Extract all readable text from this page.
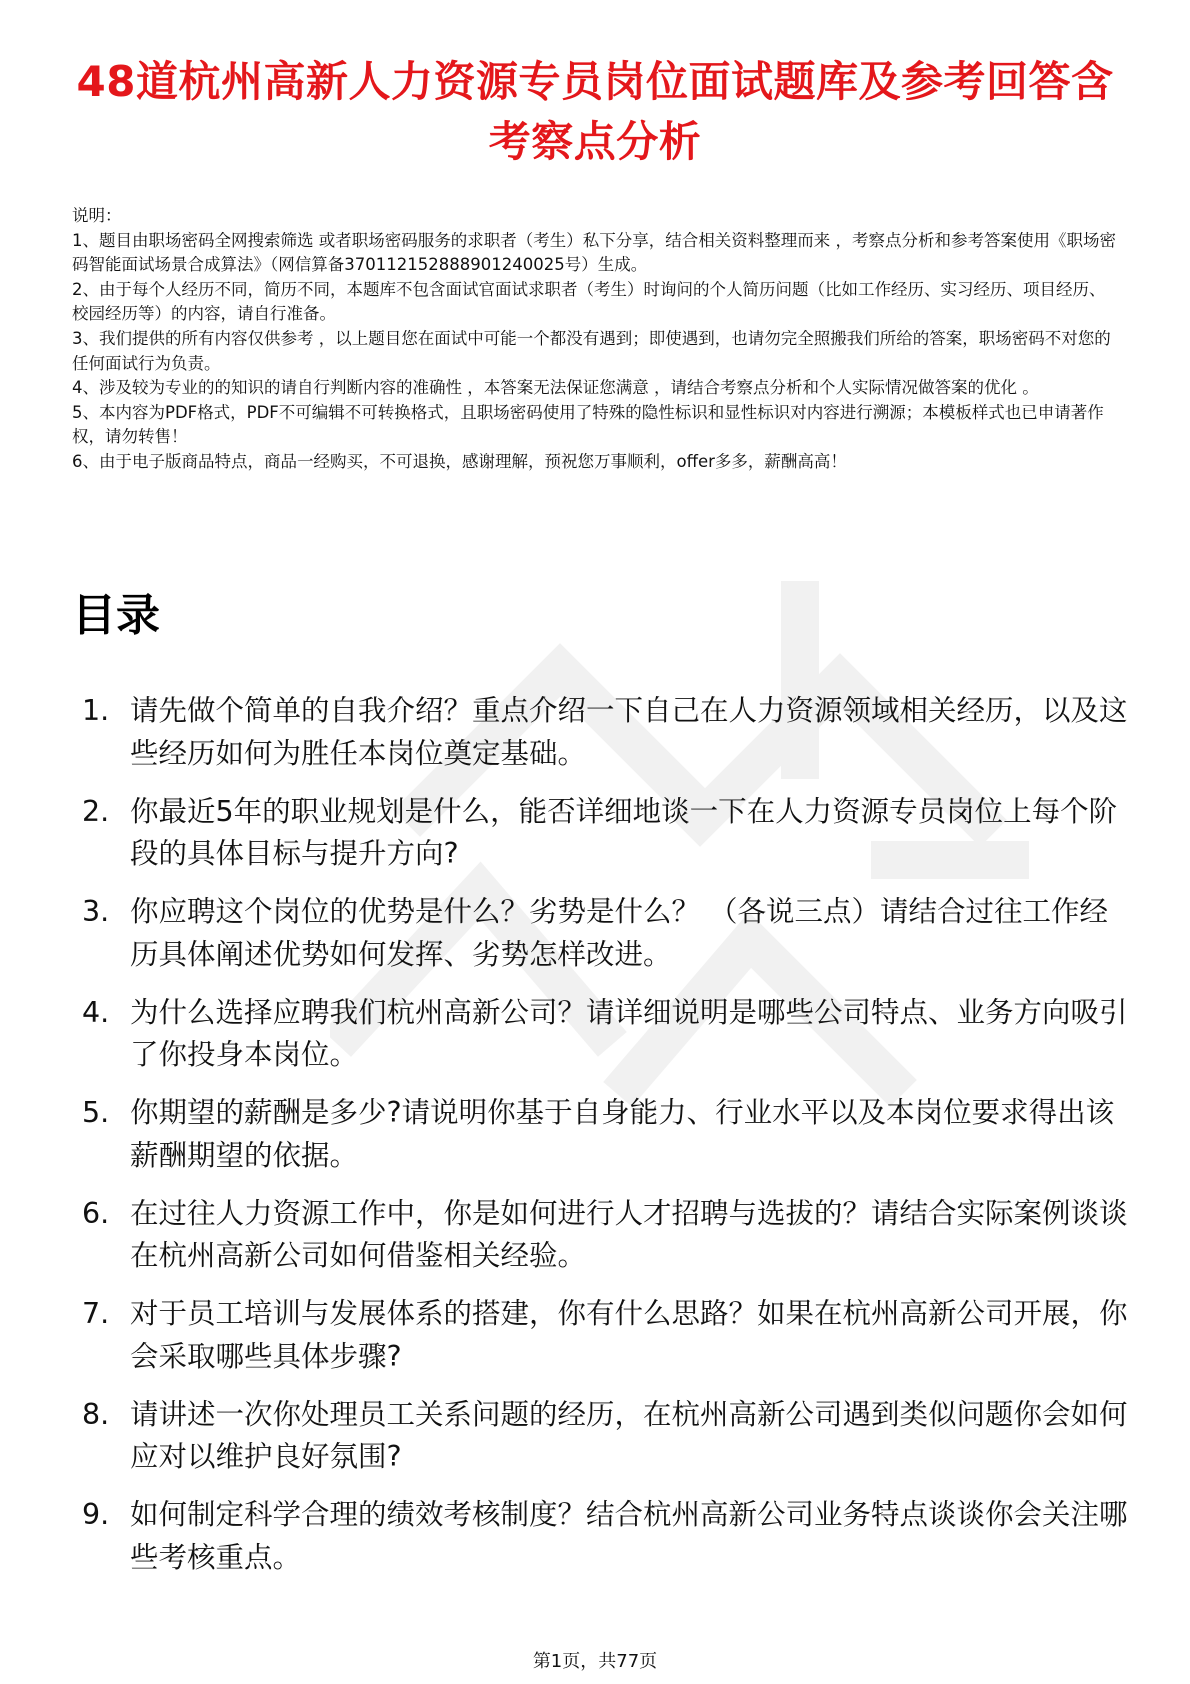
48道杭州高新人力资源专员岗位面试题库及参考回答含考察点分析

说明：

1、题目由职场密码全网搜索筛选 或者职场密码服务的求职者（考生）私下分享，结合相关资料整理而来 ，考察点分析和参考答案使用《职场密码智能面试场景合成算法》（网信算备370112152888901240025号）生成。

2、由于每个人经历不同，简历不同，本题库不包含面试官面试求职者（考生）时询问的个人简历问题（比如工作经历、实习经历、项目经历、校园经历等）的内容，请自行准备。

3、我们提供的所有内容仅供参考 ，以上题目您在面试中可能一个都没有遇到；即使遇到，也请勿完全照搬我们所给的答案，职场密码不对您的任何面试行为负责。

4、涉及较为专业的的知识的请自行判断内容的准确性 ，本答案无法保证您满意 ，请结合考察点分析和个人实际情况做答案的优化 。

5、本内容为PDF格式，PDF不可编辑不可转换格式，且职场密码使用了特殊的隐性标识和显性标识对内容进行溯源；本模板样式也已申请著作权，请勿转售！

6、由于电子版商品特点，商品一经购买，不可退换，感谢理解，预祝您万事顺利，offer多多，薪酬高高！

目录
1. 请先做个简单的自我介绍？重点介绍一下自己在人力资源领域相关经历，以及这些经历如何为胜任本岗位奠定基础。
2. 你最近5年的职业规划是什么，能否详细地谈一下在人力资源专员岗位上每个阶段的具体目标与提升方向?
3. 你应聘这个岗位的优势是什么？劣势是什么？ （各说三点）请结合过往工作经历具体阐述优势如何发挥、劣势怎样改进。
4. 为什么选择应聘我们杭州高新公司？请详细说明是哪些公司特点、业务方向吸引了你投身本岗位。
5. 你期望的薪酬是多少?请说明你基于自身能力、行业水平以及本岗位要求得出该薪酬期望的依据。
6. 在过往人力资源工作中，你是如何进行人才招聘与选拔的？请结合实际案例谈谈在杭州高新公司如何借鉴相关经验。
7. 对于员工培训与发展体系的搭建，你有什么思路？如果在杭州高新公司开展，你会采取哪些具体步骤?
8. 请讲述一次你处理员工关系问题的经历，在杭州高新公司遇到类似问题你会如何应对以维护良好氛围?
9. 如何制定科学合理的绩效考核制度？结合杭州高新公司业务特点谈谈你会关注哪些考核重点。
第1页，共77页
